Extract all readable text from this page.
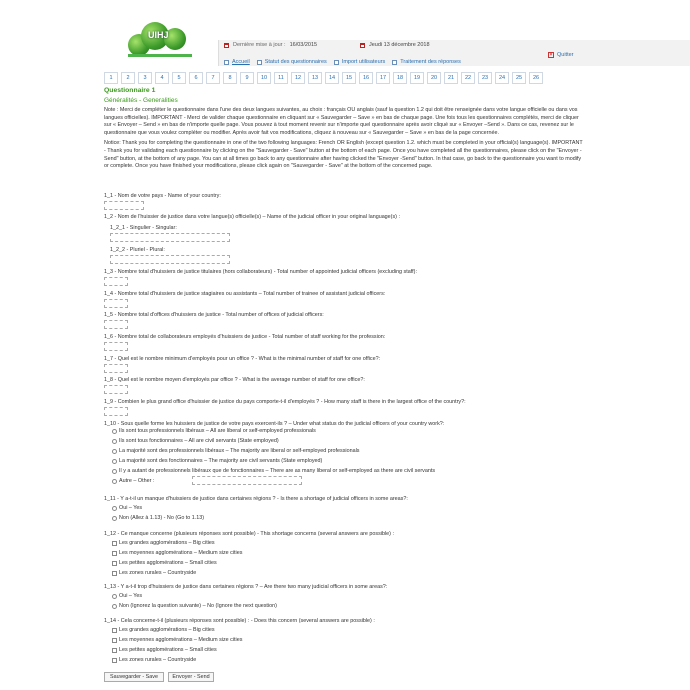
UIHJ
Dernière mise à jour : 16/03/2015	Jeudi 13 décembre 2018
× Quitter
Accueil	Statut des questionnaires	Import utilisateurs	Traitement des réponses
1	2	3	4	5	6	7	8	9	10	11	12	13	14	15	16	17	18	19	20	21	22	23	24	25	26
Questionnaire 1
Généralités - Generalities
Note : Merci de compléter le questionnaire dans l'une des deux langues suivantes, au choix : français OU anglais (sauf la question 1.2 qui doit être renseignée dans votre langue officielle ou dans vos langues officielles). IMPORTANT - Merci de valider chaque questionnaire en cliquant sur « Sauvegarder – Save » en bas de chaque page. Une fois tous les questionnaires complétés, merci de cliquer sur « Envoyer – Send » en bas de n'importe quelle page. Vous pouvez à tout moment revenir sur n'importe quel questionnaire après avoir cliqué sur « Envoyer –Send ». Dans ce cas, revenez sur le questionnaire que vous voulez compléter ou modifier. Après avoir fait vos modifications, cliquez à nouveau sur « Sauvegarder – Save » en bas de la page concernée.
Notice: Thank you for completing the questionnaire in one of the two following languages: French OR English (except question 1.2. which must be completed in your official(s) language(s). IMPORTANT - Thank you for validating each questionnaire by clicking on the "Sauvegarder - Save" button at the bottom of each page. Once you have completed all the questionnaires, please click on the "Envoyer - Send" button, at the bottom of any page. You can at all times go back to any questionnaire after having clicked the "Envoyer -Send" button. In that case, go back to the questionnaire you want to modify or complete. Once you have finished your modifications, please click again on "Sauvegarder - Save" at the bottom of the concerned page.
1_1 - Nom de votre pays - Name of your country:
1_2 - Nom de l'huissier de justice dans votre langue(s) officielle(s) – Name of the judicial officer in your original language(s) :
1_2_1 - Singulier - Singular:
1_2_2 - Pluriel - Plural:
1_3 - Nombre total d'huissiers de justice titulaires (hors collaborateurs) - Total number of appointed judicial officers (excluding staff):
1_4 - Nombre total d'huissiers de justice stagiaires ou assistants – Total number of trainee of assistant judicial officers:
1_5 - Nombre total d'offices d'huissiers de justice - Total number of offices of judicial officers:
1_6 - Nombre total de collaborateurs employés d'huissiers de justice - Total number of staff working for the profession:
1_7 - Quel est le nombre minimum d'employés pour un office ? - What is the minimal number of staff for one office?:
1_8 - Quel est le nombre moyen d'employés par office ? - What is the average number of staff for one office?:
1_9 - Combien le plus grand office d'huissier de justice du pays comporte-t-il d'employés ? - How many staff is there in the largest office of the country?:
1_10 - Sous quelle forme les huissiers de justice de votre pays exercent-ils ? – Under what status do the judicial officers of your country work?:
Ils sont tous professionnels libéraux – All are liberal or self-employed professionals
Ils sont tous fonctionnaires – All are civil servants (State employed)
La majorité sont des professionnels libéraux – The majority are liberal or self-employed professionals
La majorité sont des fonctionnaires – The majority are civil servants (State employed)
Il y a autant de professionnels libéraux que de fonctionnaires – There are as many liberal or self-employed as there are civil servants
Autre – Other :
1_11 - Y a-t-il un manque d'huissiers de justice dans certaines régions ? - Is there a shortage of judicial officers in some areas?:
Oui – Yes
Non (Allez à 1.13) - No (Go to 1.13)
1_12 - Ce manque concerne (plusieurs réponses sont possible) - This shortage concerns (several answers are possible) :
Les grandes agglomérations – Big cities
Les moyennes agglomérations – Medium size cities
Les petites agglomérations – Small cities
Les zones rurales – Countryside
1_13 - Y a-t-il trop d'huissiers de justice dans certaines régions ? – Are there two many judicial officers in some areas?:
Oui – Yes
Non (Ignorez la question suivante) – No (Ignore the next question)
1_14 - Cela concerne-t-il (plusieurs réponses sont possible) : - Does this concern (several answers are possible) :
Les grandes agglomérations – Big cities
Les moyennes agglomérations – Medium size cities
Les petites agglomérations – Small cities
Les zones rurales – Countryside
Sauvegarder - Save	Envoyer - Send
